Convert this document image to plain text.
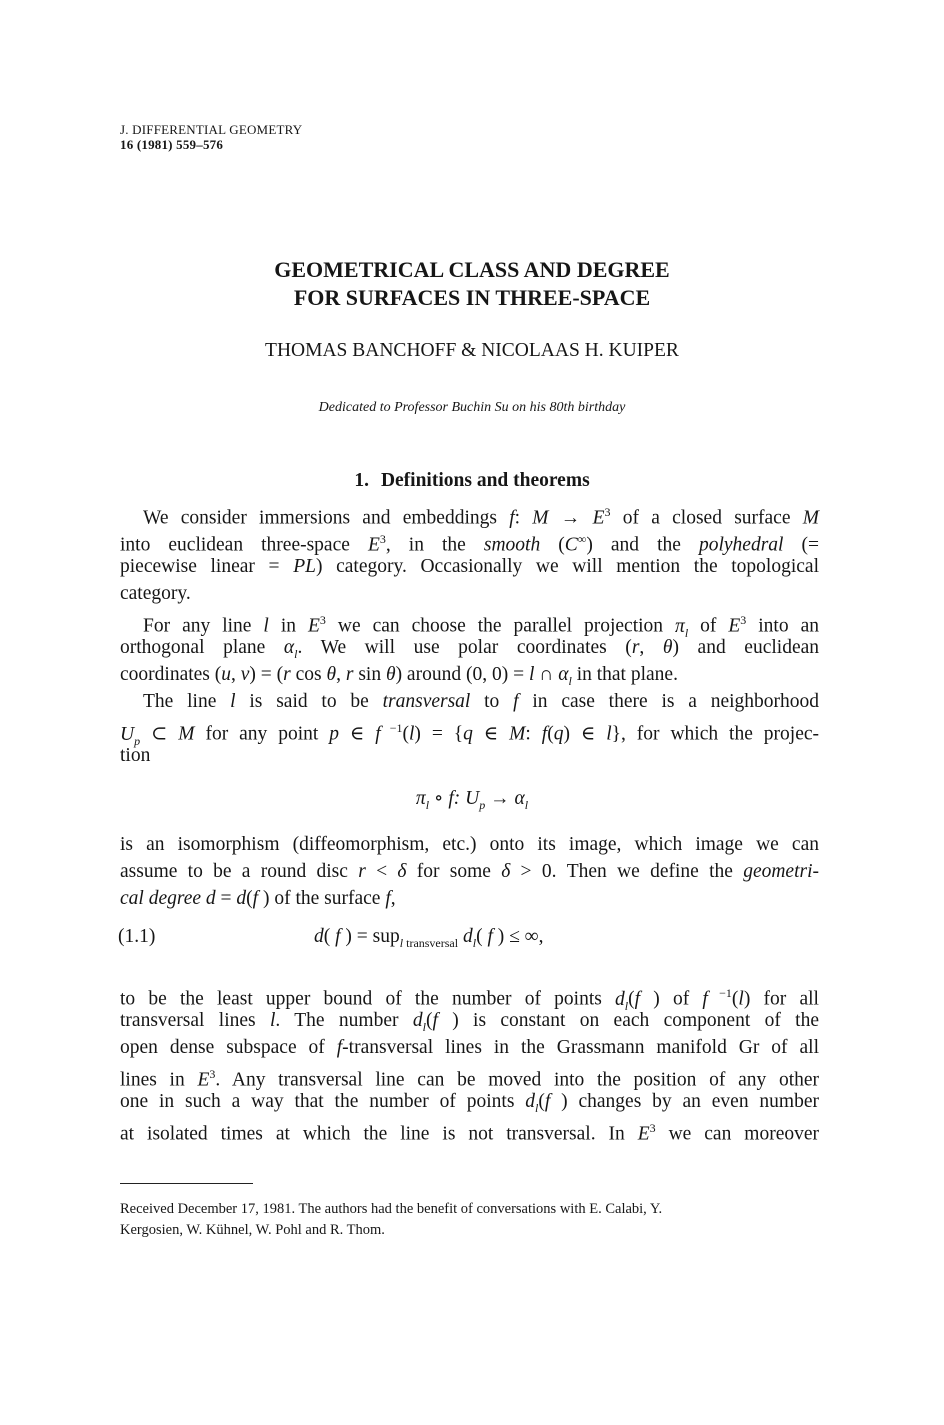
J. DIFFERENTIAL GEOMETRY
16 (1981) 559–576
GEOMETRICAL CLASS AND DEGREE
FOR SURFACES IN THREE-SPACE
THOMAS BANCHOFF & NICOLAAS H. KUIPER
Dedicated to Professor Buchin Su on his 80th birthday
1. Definitions and theorems
We consider immersions and embeddings f: $M \to E^3$ of a closed surface M
into euclidean three-space $E^3$, in the smooth (C∞) and the polyhedral (=
piecewise linear = PL) category. Occasionally we will mention the topological
category.
For any line l in $E^3$ we can choose the parallel projection $\pi_l$ of $E^3$ into an
orthogonal plane $\alpha_l$. We will use polar coordinates (r, θ) and euclidean
coordinates (u, v) = (r cos θ, r sin θ) around (0, 0) = l ∩ $\alpha_l$ in that plane.
The line l is said to be transversal to f in case there is a neighborhood
$U_p$ ⊂ M for any point p ∈ f $^{-1}$(l) = {q ∈ M: f(q) ∈ l}, for which the projec-
tion
$\pi_l$ ∘ f: $U_p \to \alpha_l$
is an isomorphism (diffeomorphism, etc.) onto its image, which image we can
assume to be a round disc r < δ for some δ > 0. Then we define the geometri-
cal degree d = d(f ) of the surface f,
(1.1)	d( f ) = sup$_{l transversal}$ $d_l$( f ) ≤ ∞,
to be the least upper bound of the number of points $d_l(f$ ) of f $^{-1}$(l) for all
transversal lines l. The number $d_l(f$ ) is constant on each component of the
open dense subspace of f-transversal lines in the Grassmann manifold Gr of all
lines in $E^3$. Any transversal line can be moved into the position of any other
one in such a way that the number of points $d_l(f$ ) changes by an even number
at isolated times at which the line is not transversal. In $E^3$ we can moreover
Received December 17, 1981. The authors had the benefit of conversations with E. Calabi, Y.
Kergosien, W. Kühnel, W. Pohl and R. Thom.
